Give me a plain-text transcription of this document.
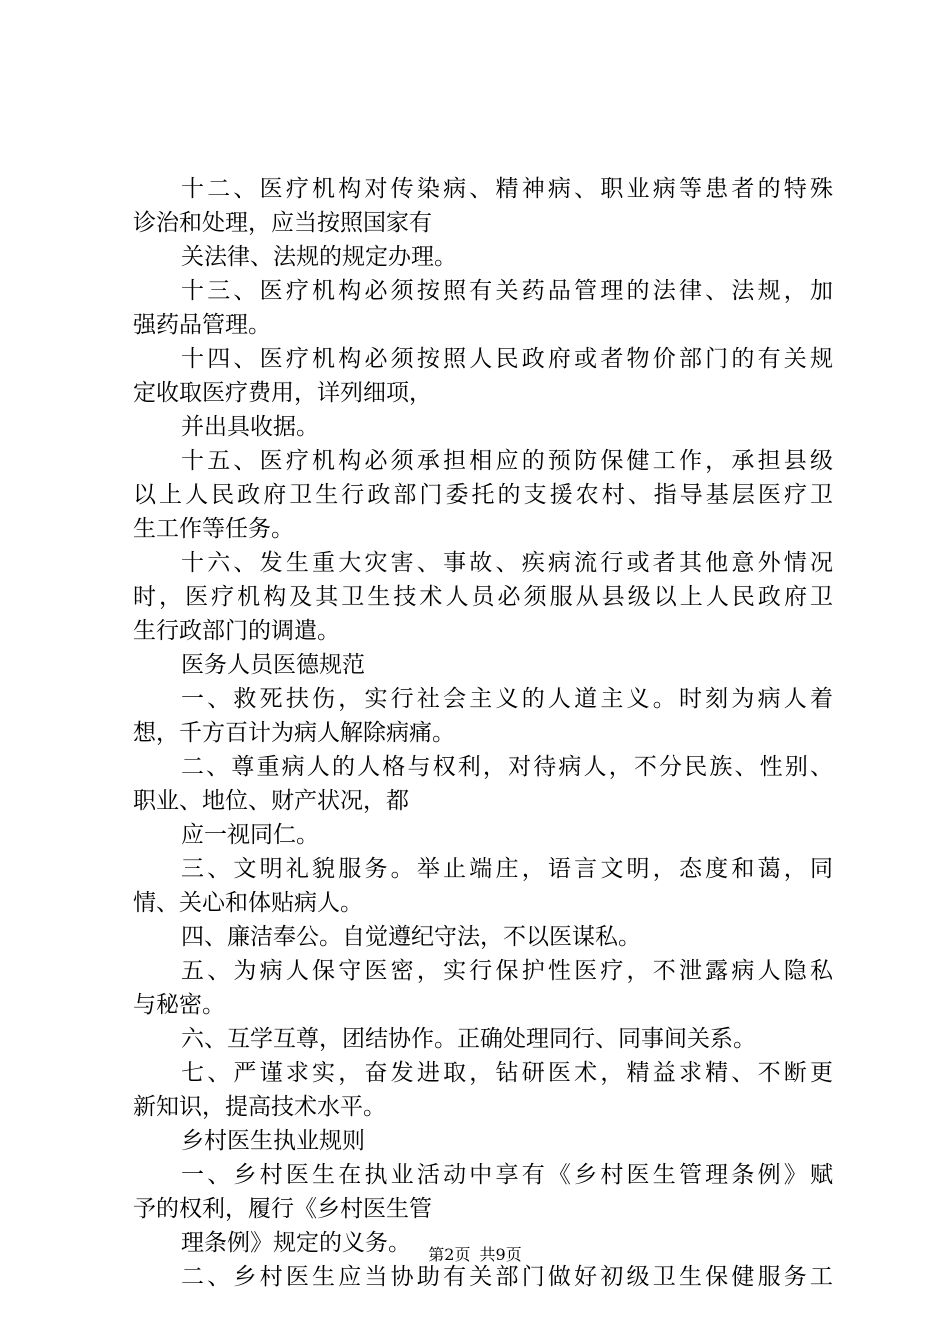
十二、医疗机构对传染病、精神病、职业病等患者的特殊
诊治和处理，应当按照国家有
关法律、法规的规定办理。
十三、医疗机构必须按照有关药品管理的法律、法规，加
强药品管理。
十四、医疗机构必须按照人民政府或者物价部门的有关规
定收取医疗费用，详列细项，
并出具收据。
十五、医疗机构必须承担相应的预防保健工作，承担县级
以上人民政府卫生行政部门委托的支援农村、指导基层医疗卫
生工作等任务。
十六、发生重大灾害、事故、疾病流行或者其他意外情况
时，医疗机构及其卫生技术人员必须服从县级以上人民政府卫
生行政部门的调遣。
医务人员医德规范
一、救死扶伤，实行社会主义的人道主义。时刻为病人着
想，千方百计为病人解除病痛。
二、尊重病人的人格与权利，对待病人，不分民族、性别、
职业、地位、财产状况，都
应一视同仁。
三、文明礼貌服务。举止端庄，语言文明，态度和蔼，同
情、关心和体贴病人。
四、廉洁奉公。自觉遵纪守法，不以医谋私。
五、为病人保守医密，实行保护性医疗，不泄露病人隐私
与秘密。
六、互学互尊，团结协作。正确处理同行、同事间关系。
七、严谨求实，奋发进取，钻研医术，精益求精、不断更
新知识，提高技术水平。
乡村医生执业规则
一、乡村医生在执业活动中享有《乡村医生管理条例》赋
予的权利，履行《乡村医生管
理条例》规定的义务。
二、乡村医生应当协助有关部门做好初级卫生保健服务工
第2页 共9页
